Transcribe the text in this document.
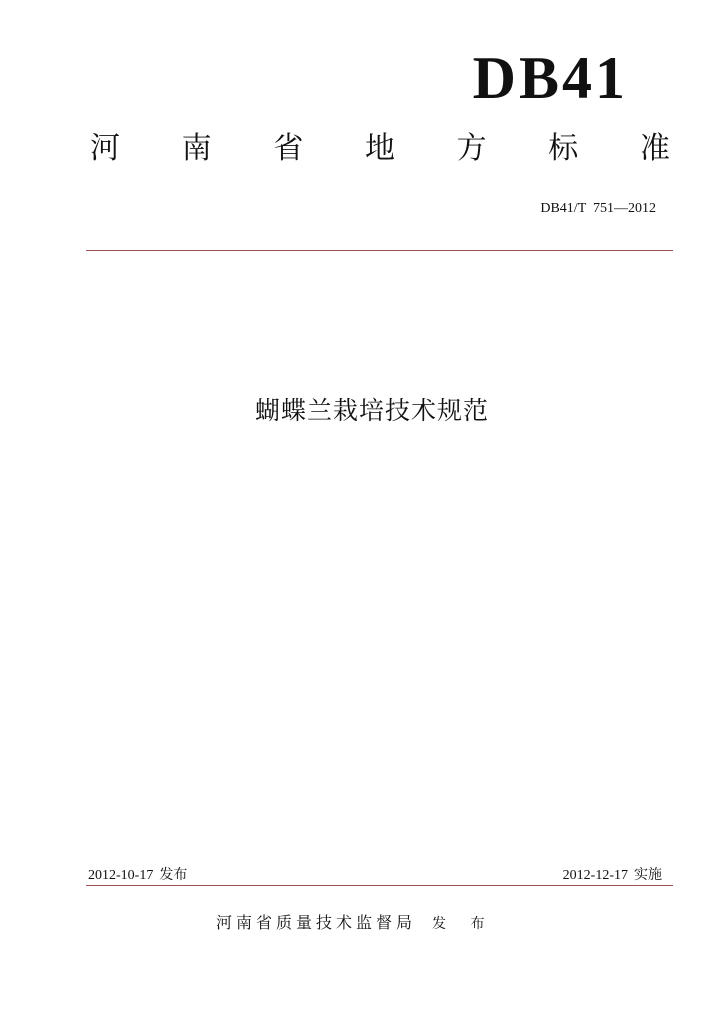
DB41
河 南 省 地 方 标 准
DB41/T  751—2012
蝴蝶兰栽培技术规范
2012-10-17 发布	2012-12-17 实施
河南省质量技术监督局 发 布
